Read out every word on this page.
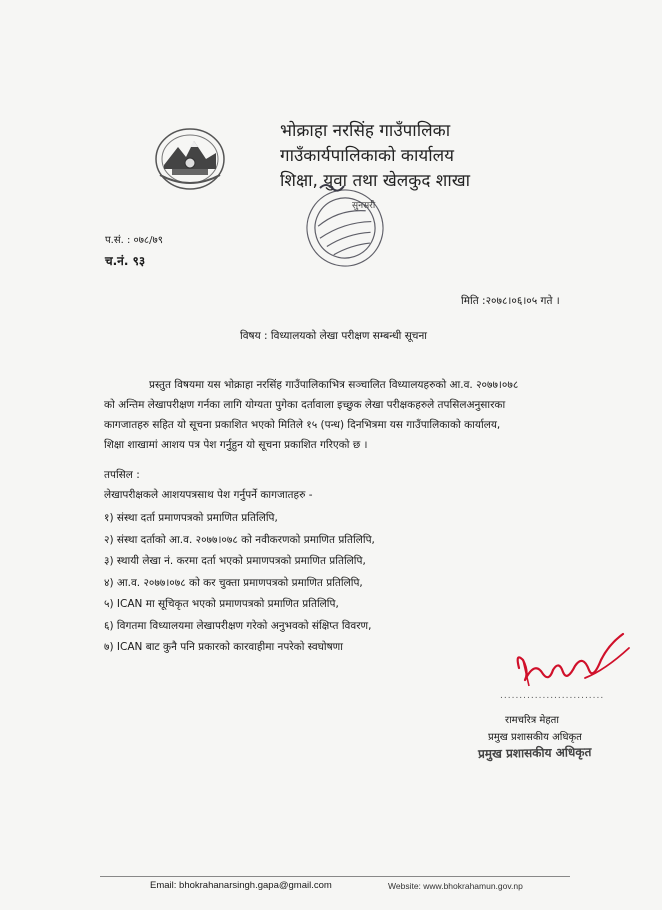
भोक्राहा नरसिंह गाउँपालिका
गाउँकार्यपालिकाको कार्यालय
शिक्षा, युवा तथा खेलकुद शाखा
सुनसरी
प.सं. : ०७८/७९
च.नं. ९३
मिति :२०७८।०६।०५ गते ।
विषय : विध्यालयको लेखा परीक्षण सम्बन्धी सूचना
प्रस्तुत विषयमा यस भोक्राहा नरसिंह गाउँपालिकाभित्र सञ्चालित विध्यालयहरुको आ.व. २०७७।०७८
को अन्तिम लेखापरीक्षण गर्नका लागि योग्यता पुगेका दर्तावाला इच्छुक लेखा परीक्षकहरुले तपसिलअनुसारका
कागजातहरु सहित यो सूचना प्रकाशित भएको मितिले १५ (पन्ध) दिनभित्रमा यस गाउँपालिकाको कार्यालय,
शिक्षा शाखामां आशय पत्र पेश गर्नुहुन यो सूचना प्रकाशित गरिएको छ ।
तपसिल :
लेखापरीक्षकले आशयपत्रसाथ पेश गर्नुपर्ने कागजातहरु -
१) संस्था दर्ता प्रमाणपत्रको प्रमाणित प्रतिलिपि,
२) संस्था दर्ताको आ.व. २०७७।०७८ को नवीकरणको प्रमाणित प्रतिलिपि,
३) स्थायी लेखा नं. करमा दर्ता भएको प्रमाणपत्रको प्रमाणित प्रतिलिपि,
४) आ.व. २०७७।०७८ को कर चुक्ता प्रमाणपत्रको प्रमाणित प्रतिलिपि,
५) ICAN मा सूचिकृत भएको प्रमाणपत्रको प्रमाणित प्रतिलिपि,
६) विगतमा विध्यालयमा लेखापरीक्षण गरेको अनुभवको संक्षिप्त विवरण,
७) ICAN बाट कुनै पनि प्रकारको कारवाहीमा नपरेको स्वघोषणा
...........................
रामचरित्र मेहता
प्रमुख प्रशासकीय अधिकृत
प्रमुख प्रशासकीय अधिकृत
Email: bhokrahanarsingh.gapa@gmail.com	Website: www.bhokrahamun.gov.np
